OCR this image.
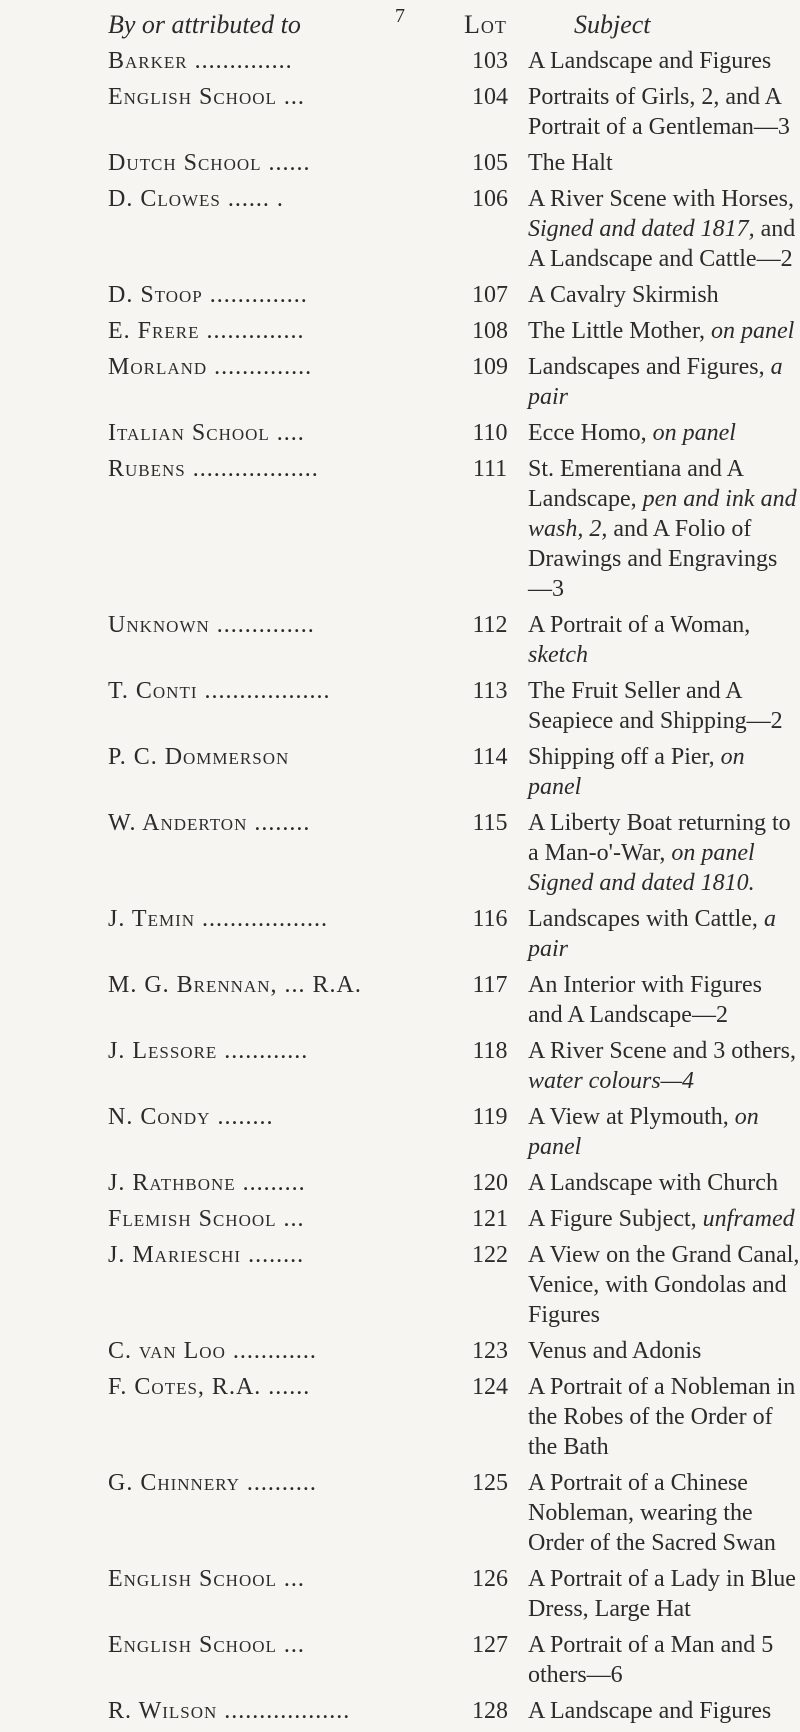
7
By or attributed to	Lot	Subject
Barker ..............	103 A Landscape and Figures
English School ...	104 Portraits of Girls, 2, and A Portrait of a Gentleman—3
Dutch School ......	105 The Halt
D. Clowes ...... .	106 A River Scene with Horses, Signed and dated 1817, and A Landscape and Cattle—2
D. Stoop ..............	107 A Cavalry Skirmish
E. Frere ..............	108 The Little Mother, on panel
Morland ..............	109 Landscapes and Figures, a pair
Italian School ....	110 Ecce Homo, on panel
Rubens ..................	111 St. Emerentiana and A Landscape, pen and ink and wash, 2, and A Folio of Drawings and Engravings —3
Unknown ..............	112 A Portrait of a Woman, sketch
T. Conti ..................	113 The Fruit Seller and A Seapiece and Shipping—2
P. C. Dommerson	114 Shipping off a Pier, on panel
W. Anderton ........	115 A Liberty Boat returning to a Man-o'-War, on panel
Signed and dated 1810.
J. Temin ..................	116 Landscapes with Cattle, a pair
M. G. Brennan, ... R.A.	117 An Interior with Figures and A Landscape—2
J. Lessore ............	118 A River Scene and 3 others, water colours—4
N. Condy ........	119 A View at Plymouth, on panel
J. Rathbone .........	120 A Landscape with Church
Flemish School ...	121 A Figure Subject, unframed
J. Marieschi ........	122 A View on the Grand Canal, Venice, with Gondolas and Figures
C. van Loo ............	123 Venus and Adonis
F. Cotes, R.A. ......	124 A Portrait of a Nobleman in the Robes of the Order of the Bath
G. Chinnery ..........	125 A Portrait of a Chinese Nobleman, wearing the Order of the Sacred Swan
English School ...	126 A Portrait of a Lady in Blue Dress, Large Hat
English School ...	127 A Portrait of a Man and 5 others—6
R. Wilson ..................	128 A Landscape and Figures
